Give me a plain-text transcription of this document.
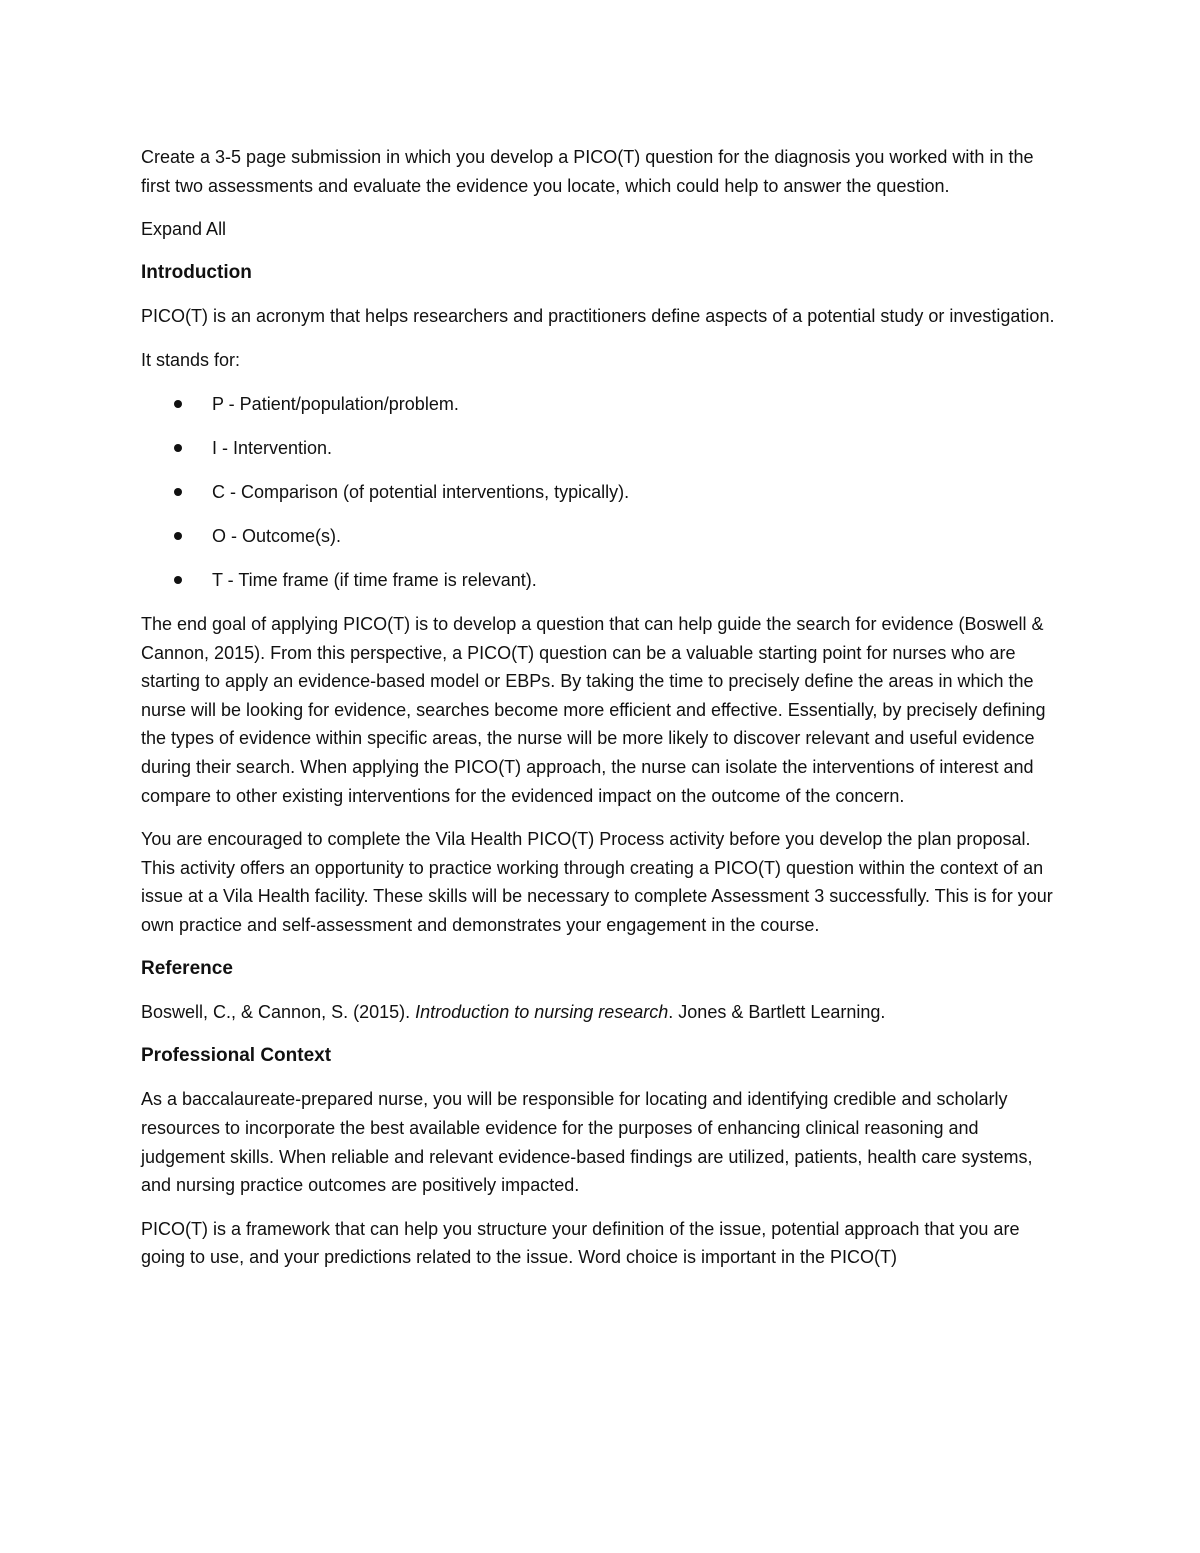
Create a 3-5 page submission in which you develop a PICO(T) question for the diagnosis you worked with in the first two assessments and evaluate the evidence you locate, which could help to answer the question.

Expand All

Introduction

PICO(T) is an acronym that helps researchers and practitioners define aspects of a potential study or investigation.

It stands for:

P - Patient/population/problem.
I - Intervention.
C - Comparison (of potential interventions, typically).
O - Outcome(s).
T - Time frame (if time frame is relevant).

The end goal of applying PICO(T) is to develop a question that can help guide the search for evidence (Boswell & Cannon, 2015). From this perspective, a PICO(T) question can be a valuable starting point for nurses who are starting to apply an evidence-based model or EBPs. By taking the time to precisely define the areas in which the nurse will be looking for evidence, searches become more efficient and effective. Essentially, by precisely defining the types of evidence within specific areas, the nurse will be more likely to discover relevant and useful evidence during their search. When applying the PICO(T) approach, the nurse can isolate the interventions of interest and compare to other existing interventions for the evidenced impact on the outcome of the concern.

You are encouraged to complete the Vila Health PICO(T) Process activity before you develop the plan proposal. This activity offers an opportunity to practice working through creating a PICO(T) question within the context of an issue at a Vila Health facility. These skills will be necessary to complete Assessment 3 successfully. This is for your own practice and self-assessment and demonstrates your engagement in the course.

Reference

Boswell, C., & Cannon, S. (2015). Introduction to nursing research. Jones & Bartlett Learning.

Professional Context

As a baccalaureate-prepared nurse, you will be responsible for locating and identifying credible and scholarly resources to incorporate the best available evidence for the purposes of enhancing clinical reasoning and judgement skills. When reliable and relevant evidence-based findings are utilized, patients, health care systems, and nursing practice outcomes are positively impacted.

PICO(T) is a framework that can help you structure your definition of the issue, potential approach that you are going to use, and your predictions related to the issue. Word choice is important in the PICO(T)
